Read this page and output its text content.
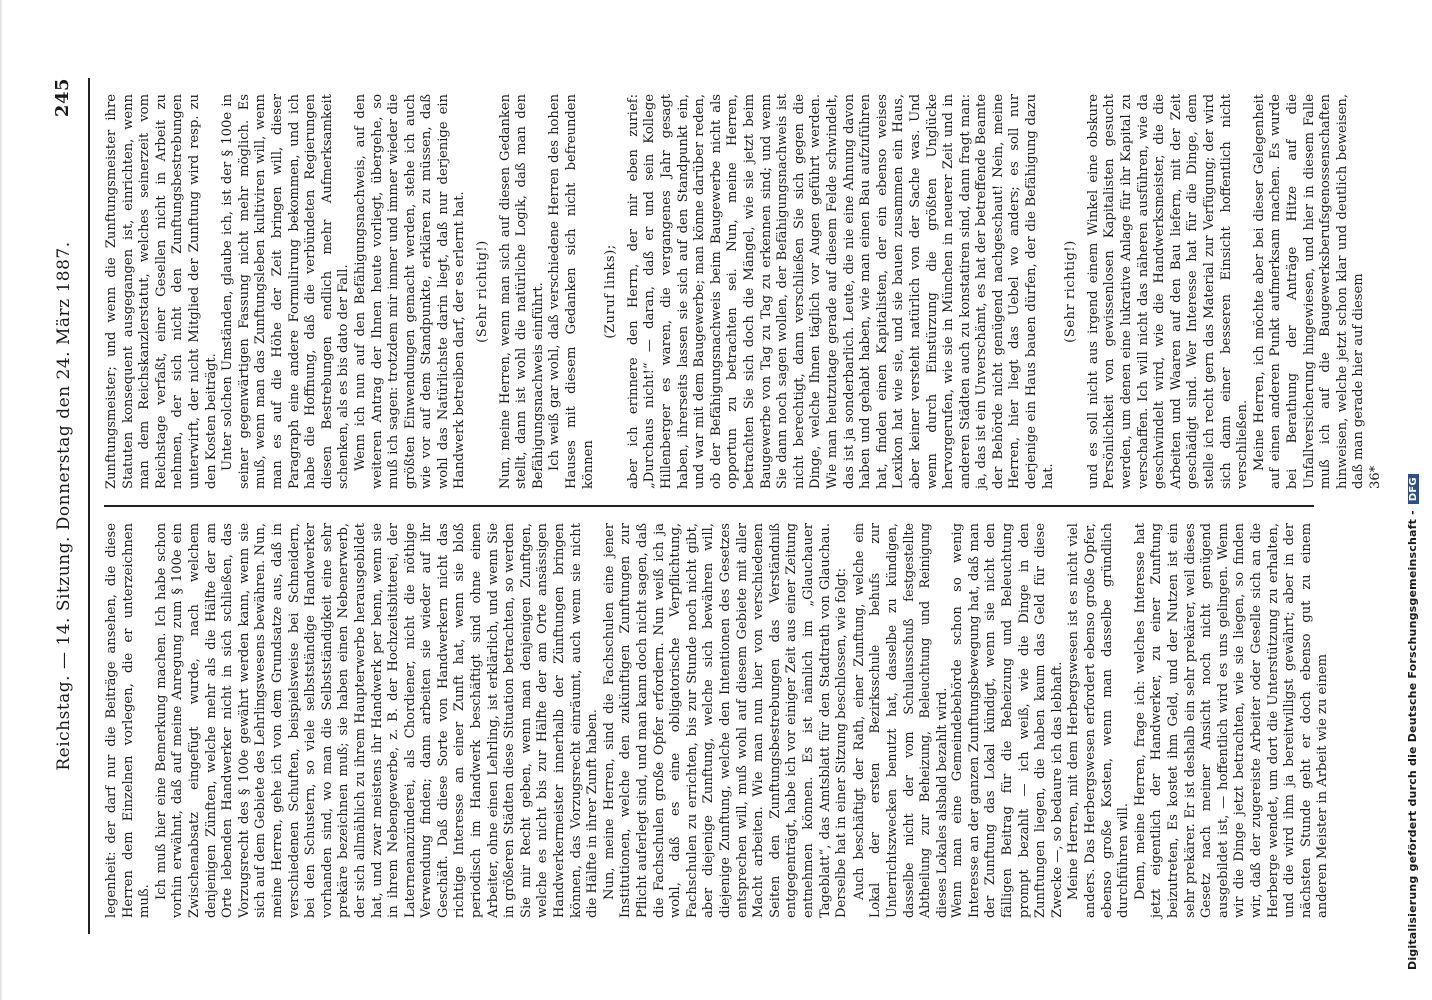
Reichstag. — 14. Sitzung. Donnerstag den 24. März 1887.
245

legenheit: der darf nur die Beiträge ansehen, die diese Herren dem Einzelnen vorlegen, die er unterzeichnen muß.

Ich muß hier eine Bemerkung machen. Ich habe schon vorhin erwähnt, daß auf meine Anregung zum § 100e ein Zwischenabsatz eingefügt wurde, nach welchem denjenigen Zünften, welche mehr als die Hälfte der am Orte lebenden Handwerker nicht in sich schließen, das Vorzugsrecht des § 100e gewährt werden kann, wenn sie sich auf dem Gebiete des Lehrlingswesens bewähren. Nun, meine Herren, gehe ich von dem Grundsatze aus, daß in verschiedenen Schuften, beispielsweise bei Schneidern, bei den Schustern, so viele selbstständige Handwerker vorhanden sind, wo man die Selbstständigkeit eine sehr prekäre bezeichnen muß; sie haben einen Nebenerwerb, der sich allmählich zu ihrem Haupterwerbe herausgebildet hat, und zwar meistens ihr Handwerk per benn, wenn sie in ihrem Nebengewerbe, z. B. der Hochzeitsbitterei, der Laternenanzünderei, als Chordiener, nicht die nöthige Verwendung finden; dann arbeiten sie wieder auf ihr Geschäft. Daß diese Sorte von Handwerkern nicht das richtige Interesse an einer Zunft hat, wenn sie bloß periodisch im Handwerk beschäftigt sind ohne einen Arbeiter, ohne einen Lehrling, ist erklärlich, und wenn Sie in größeren Städten diese Situation betrachten, so werden Sie mir Recht geben, wenn man denjenigen Zunftgen, welche es nicht bis zur Hälfte der am Orte ansässigen Handwerkermeister innerhalb der Zünftungen bringen können, das Vorzugsrecht einräumt, auch wenn sie nicht die Hälfte in ihrer Zunft haben. Nun, meine Herren, sind die Fachschulen eine jener Institutionen, welche den zukünftigen Zunftungen zur Pflicht auferlegt sind, und man kann doch nicht sagen, daß die Fachschulen große Opfer erfordern. Nun weiß ich ja wohl, daß es eine obligatorische Verpflichtung, Fachschulen zu errichten, bis zur Stunde noch nicht gibt, aber diejenige Zunftung, welche sich bewähren will, diejenige Zunftung, welche den Intentionen des Gesetzes entsprechen will, muß wohl auf diesem Gebiete mit aller Macht arbeiten. Wie man nun hier von verschiedenen Seiten den Zunftungsbestrebungen das Verständniß entgegenträgt, habe ich vor einiger Zeit aus einer Zeitung entnehmen können. Es ist nämlich im „Glauchauer Tageblatt“, das Amtsblatt für den Stadtrath von Glauchau. Derselbe hat in einer Sitzung beschlossen, wie folgt: Auch beschäftigt der Rath, einer Zunftung, welche ein Lokal der ersten Bezirksschule behufs zur Unterrichtszwecken benutzt hat, dasselbe zu kündigen, dasselbe nicht der vom Schulausschuß festgestellte Abtheilung zur Beheizung, Beleuchtung und Reinigung dieses Lokales alsbald bezahlt wird. Wenn man eine Gemeindebehörde schon so wenig Interesse an der ganzen Zunftungsbewegung hat, daß man der Zunftung das Lokal kündigt, wenn sie nicht den fälligen Beitrag für die Beheizung und Beleuchtung prompt bezahlt — ich weiß, wie die Dinge in den Zunftungen liegen, die haben kaum das Geld für diese Zwecke —, so bedaure ich das lebhaft. Meine Herren, mit dem Herbergswesen ist es nicht viel anders. Das Herbergswesen erfordert ebenso große Opfer, ebenso große Kosten, wenn man dasselbe gründlich durchführen will. Denn, meine Herren, frage ich: welches Interesse hat jetzt eigentlich der Handwerker, zu einer Zunftung beizutreten, Es kostet ihm Geld, und der Nutzen ist ein sehr prekärer. Er ist deshalb ein sehr prekärer, weil dieses Gesetz nach meiner Ansicht noch nicht genügend ausgebildet ist, — hoffentlich wird es uns gelingen. Wenn wir die Dinge jetzt betrachten, wie sie liegen, so finden wir, daß der zugereiste Arbeiter oder Geselle sich an die Herberge wendet, um dort die Unterstützung zu erhalten, und die wird ihm ja bereitwilligst gewährt; aber in der nächsten Stunde geht er doch ebenso gut zu einem anderen Meister in Arbeit wie zu einem

Zunftungsmeister; und wenn die Zunftungsmeister ihre Statuten konsequent ausgegangen ist, einrichten, wenn man dem Reichskanzlerstatut, welches seinerzeit vom Reichstage verfaßt, einer Gesellen nicht in Arbeit zu nehmen, der sich nicht den Zunftungsbestrebungen unterwirft, der nicht Mitglied der Zunftung wird resp. zu den Kosten beiträgt. Unter solchen Umständen, glaube ich, ist der § 100e in seiner gegenwärtigen Fassung nicht mehr möglich. Es muß, wenn man das Zunftungsleben kultiviren will, wenn man es auf die Höhe der Zeit bringen will, dieser Paragraph eine andere Formulirung bekommen, und ich habe die Hoffnung, daß die verbündeten Regierungen diesen Bestrebungen endlich mehr Aufmerksamkeit schenken, als es bis dato der Fall. Wenn ich nun auf den Befähigungsnachweis, auf den weiteren Antrag der Ihnen heute vorliegt, übergehe, so muß ich sagen: trotzdem mir immer und immer wieder die größten Einwendungen gemacht werden, stehe ich auch wie vor auf dem Standpunkte, erklären zu müssen, daß wohl das Natürlichste darin liegt, daß nur derjenige ein Handwerk betreiben darf, der es erlernt hat. (Sehr richtig!) Nun, meine Herren, wenn man sich auf diesen Gedanken stellt, dann ist wohl die natürliche Logik, daß man den Befähigungsnachweis einführt. Ich weiß gar wohl, daß verschiedene Herren des hohen Hauses mit diesem Gedanken sich nicht befreunden können

(Zuruf links); aber ich erinnere den Herrn, der mir eben zurief: „Durchaus nicht!“ — daran, daß er und sein Kollege Hillenberger es waren, die vergangenes Jahr gesagt haben, ihrerseits lassen sie sich auf den Standpunkt ein, und war mit dem Baugewerbe; man könne darüber reden, ob der Befähigungsnachweis beim Baugewerbe nicht als opportun zu betrachten sei. Nun, meine Herren, betrachten Sie sich doch die Mängel, wie sie jetzt beim Baugewerbe von Tag zu Tag zu erkennen sind; und wenn Sie dann noch sagen wollen, der Befähigungsnachweis ist nicht berechtigt, dann verschließen Sie sich gegen die Dinge, welche Ihnen täglich vor Augen geführt werden. Wie man heutzutage gerade auf diesem Felde schwindelt, das ist ja sonderbarlich. Leute, die nie eine Ahnung davon haben und gehabt haben, wie man einen Bau aufzuführen hat, finden einen Kapitalisten, der ein ebenso weises Lexikon hat wie sie, und sie bauen zusammen ein Haus, aber keiner versteht natürlich von der Sache was. Und wenn durch Einstürzung die größten Unglücke hervorgerufen, wie sie in München in neuerer Zeit und in anderen Städten auch zu konstatiren sind, dann fragt man: ja, das ist ein Unverschämt, es hat der betreffende Beamte der Behörde nicht genügend nachgeschaut! Nein, meine Herren, hier liegt das Uebel wo anders; es soll nur derjenige ein Haus bauen dürfen, der die Befähigung dazu hat.

(Sehr richtig!) und es soll nicht aus irgend einem Winkel eine obskure Persönlichkeit von gewissenlosen Kapitalisten gesucht werden, um denen eine lukrative Anlage für ihr Kapital zu verschaffen. Ich will nicht das näheren ausführen, wie da geschwindelt wird, wie die Handwerksmeister, die die Arbeiten und Waaren auf den Bau liefern, mit der Zeit geschädigt sind. Wer Interesse hat für die Dinge, dem stelle ich recht gern das Material zur Verfügung; der wird sich dann einer besseren Einsicht hoffentlich nicht verschließen. Meine Herren, ich möchte aber bei dieser Gelegenheit auf einen anderen Punkt aufmerksam machen. Es wurde bei Berathung der Anträge Hitze auf die Unfallversicherung hingewiesen, und hier in diesem Falle muß ich auf die Baugewerksberufsgenossenschaften hinweisen, welche jetzt schon klar und deutlich beweisen, daß man gerade hier auf diesem 36*

Digitalisierung gefördert durch die Deutsche Forschungsgemeinschaft - DFG
